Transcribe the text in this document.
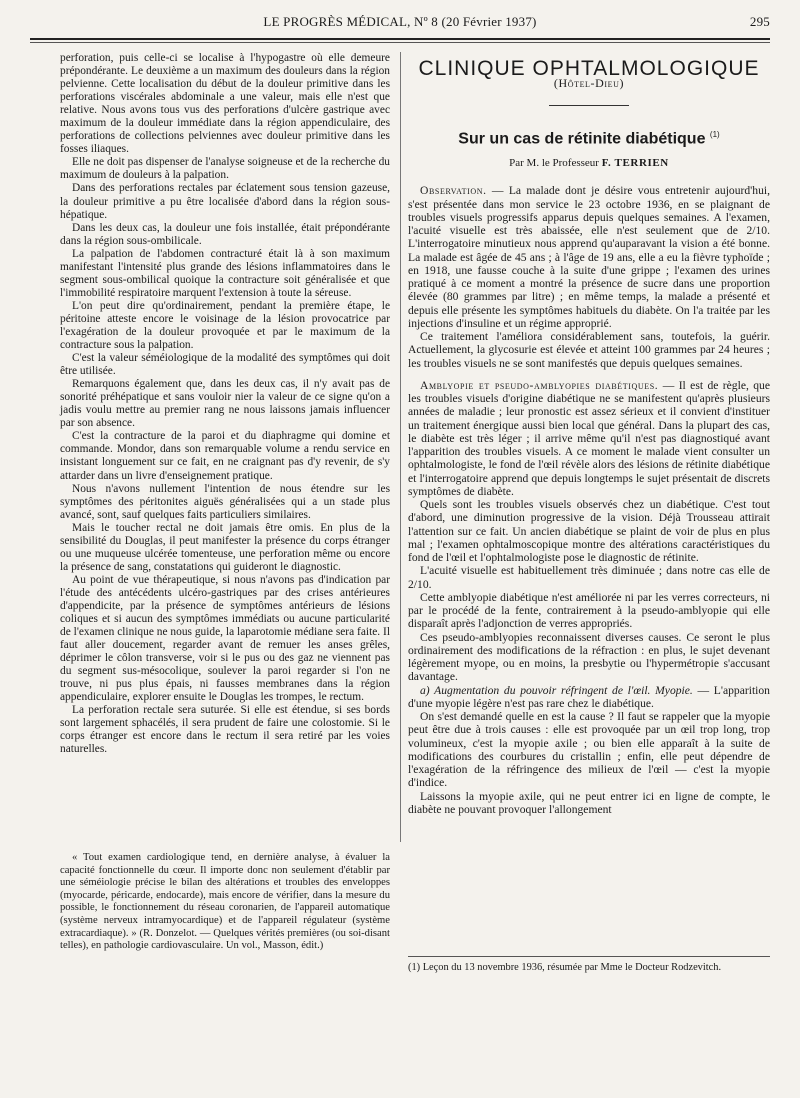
LE PROGRÈS MÉDICAL, Nº 8 (20 Février 1937)	295

perforation, puis celle-ci se localise à l'hypogastre où elle demeure prépondérante. Le deuxième a un maximum des douleurs dans la région pelvienne. Cette localisation du début de la douleur primitive dans les perforations viscérales abdominale a une valeur, mais elle n'est que relative. Nous avons tous vus des perforations d'ulcère gastrique avec maximum de la douleur immédiate dans la région appendiculaire, des perforations de collections pelviennes avec douleur primitive dans les fosses iliaques.

Elle ne doit pas dispenser de l'analyse soigneuse et de la recherche du maximum de douleurs à la palpation.

Dans des perforations rectales par éclatement sous tension gazeuse, la douleur primitive a pu être localisée d'abord dans la région sous-hépatique.

Dans les deux cas, la douleur une fois installée, était prépondérante dans la région sous-ombilicale.

La palpation de l'abdomen contracturé était là à son maximum manifestant l'intensité plus grande des lésions inflammatoires dans le segment sous-ombilical quoique la contracture soit généralisée et que l'immobilité respiratoire marquent l'extension à toute la séreuse.

L'on peut dire qu'ordinairement, pendant la première étape, le péritoine atteste encore le voisinage de la lésion provocatrice par l'exagération de la douleur provoquée et par le maximum de la contracture sous la palpation.

C'est la valeur séméiologique de la modalité des symptômes qui doit être utilisée.

Remarquons également que, dans les deux cas, il n'y avait pas de sonorité préhépatique et sans vouloir nier la valeur de ce signe qu'on a jadis voulu mettre au premier rang ne nous laissons jamais influencer par son absence.

C'est la contracture de la paroi et du diaphragme qui domine et commande. Mondor, dans son remarquable volume a rendu service en insistant longuement sur ce fait, en ne craignant pas d'y revenir, de s'y attarder dans un livre d'enseignement pratique.

Nous n'avons nullement l'intention de nous étendre sur les symptômes des péritonites aiguës généralisées qui a un stade plus avancé, sont, sauf quelques faits particuliers similaires.

Mais le toucher rectal ne doit jamais être omis. En plus de la sensibilité du Douglas, il peut manifester la présence du corps étranger ou une muqueuse ulcérée tomenteuse, une perforation même ou encore la présence de sang, constatations qui guideront le diagnostic.

Au point de vue thérapeutique, si nous n'avons pas d'indication par l'étude des antécédents ulcéro-gastriques par des crises antérieures d'appendicite, par la présence de symptômes antérieurs de lésions coliques et si aucun des symptômes immédiats ou aucune particularité de l'examen clinique ne nous guide, la laparotomie médiane sera faite. Il faut aller doucement, regarder avant de remuer les anses grêles, déprimer le côlon transverse, voir si le pus ou des gaz ne viennent pas du segment sus-mésocolique, soulever la paroi regarder si l'on ne trouve, ni pus plus épais, ni fausses membranes dans la région appendiculaire, explorer ensuite le Douglas les trompes, le rectum.

La perforation rectale sera suturée. Si elle est étendue, si ses bords sont largement sphacélés, il sera prudent de faire une colostomie. Si le corps étranger est encore dans le rectum il sera retiré par les voies naturelles.

« Tout examen cardiologique tend, en dernière analyse, à évaluer la capacité fonctionnelle du cœur. Il importe donc non seulement d'établir par une séméiologie précise le bilan des altérations et troubles des enveloppes (myocarde, péricarde, endocarde), mais encore de vérifier, dans la mesure du possible, le fonctionnement du réseau coronarien, de l'appareil automatique (système nerveux intramyocardique) et de l'appareil régulateur (système extracardiaque). » (R. Donzelot. — Quelques vérités premières (ou soi-disant telles), en pathologie cardiovasculaire. Un vol., Masson, édit.)

CLINIQUE OPHTALMOLOGIQUE
(Hôtel-Dieu)
Sur un cas de rétinite diabétique $^{(1)}$
Par M. le Professeur F. TERRIEN

Observation. — La malade dont je désire vous entretenir aujourd'hui, s'est présentée dans mon service le 23 octobre 1936, en se plaignant de troubles visuels progressifs apparus depuis quelques semaines. A l'examen, l'acuité visuelle est très abaissée, elle n'est seulement que de 2/10. L'interrogatoire minutieux nous apprend qu'auparavant la vision a été bonne. La malade est âgée de 45 ans ; à l'âge de 19 ans, elle a eu la fièvre typhoïde ; en 1918, une fausse couche à la suite d'une grippe ; l'examen des urines pratiqué à ce moment a montré la présence de sucre dans une proportion élevée (80 grammes par litre) ; en même temps, la malade a présenté et depuis elle présente les symptômes habituels du diabète. On l'a traitée par les injections d'insuline et un régime approprié.

Ce traitement l'améliora considérablement sans, toutefois, la guérir. Actuellement, la glycosurie est élevée et atteint 100 grammes par 24 heures ; les troubles visuels ne se sont manifestés que depuis quelques semaines.

Amblyopie et pseudo-amblyopies diabétiques. — Il est de règle, que les troubles visuels d'origine diabétique ne se manifestent qu'après plusieurs années de maladie ; leur pronostic est assez sérieux et il convient d'instituer un traitement énergique aussi bien local que général. Dans la plupart des cas, le diabète est très léger ; il arrive même qu'il n'est pas diagnostiqué avant l'apparition des troubles visuels. A ce moment le malade vient consulter un ophtalmologiste, le fond de l'œil révèle alors des lésions de rétinite diabétique et l'interrogatoire apprend que depuis longtemps le sujet présentait de discrets symptômes de diabète.

Quels sont les troubles visuels observés chez un diabétique. C'est tout d'abord, une diminution progressive de la vision. Déjà Trousseau attirait l'attention sur ce fait. Un ancien diabétique se plaint de voir de plus en plus mal ; l'examen ophtalmoscopique montre des altérations caractéristiques du fond de l'œil et l'ophtalmologiste pose le diagnostic de rétinite.

L'acuité visuelle est habituellement très diminuée ; dans notre cas elle de 2/10.

Cette amblyopie diabétique n'est améliorée ni par les verres correcteurs, ni par le procédé de la fente, contrairement à la pseudo-amblyopie qui elle disparaît après l'adjonction de verres appropriés.

Ces pseudo-amblyopies reconnaissent diverses causes. Ce seront le plus ordinairement des modifications de la réfraction : en plus, le sujet devenant légèrement myope, ou en moins, la presbytie ou l'hypermétropie s'accusant davantage.

a) Augmentation du pouvoir réfringent de l'œil. Myopie. — L'apparition d'une myopie légère n'est pas rare chez le diabétique.

On s'est demandé quelle en est la cause ? Il faut se rappeler que la myopie peut être due à trois causes : elle est provoquée par un œil trop long, trop volumineux, c'est la myopie axile ; ou bien elle apparaît à la suite de modifications des courbures du cristallin ; enfin, elle peut dépendre de l'exagération de la réfringence des milieux de l'œil — c'est la myopie d'indice.

Laissons la myopie axile, qui ne peut entrer ici en ligne de compte, le diabète ne pouvant provoquer l'allongement

(1) Leçon du 13 novembre 1936, résumée par Mme le Docteur Rodzevitch.
